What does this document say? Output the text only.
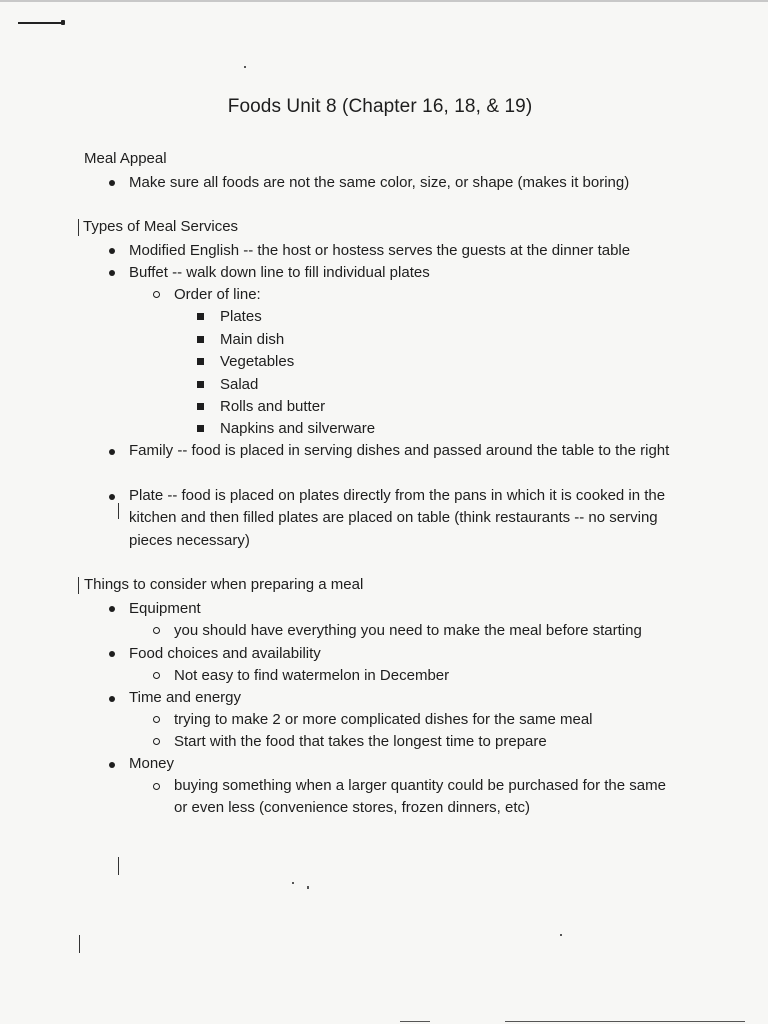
Foods Unit 8 (Chapter 16, 18, & 19)
Meal Appeal
Make sure all foods are not the same color, size, or shape (makes it boring)
Types of Meal Services
Modified English -- the host or hostess serves the guests at the dinner table
Buffet -- walk down line to fill individual plates
Order of line:
Plates
Main dish
Vegetables
Salad
Rolls and butter
Napkins and silverware
Family -- food is placed in serving dishes and passed around the table to the right
Plate -- food is placed on plates directly from the pans in which it is cooked in the kitchen and then filled plates are placed on table (think restaurants -- no serving pieces necessary)
Things to consider when preparing a meal
Equipment
you should have everything you need to make the meal before starting
Food choices and availability
Not easy to find watermelon in December
Time and energy
trying to make 2 or more complicated dishes for the same meal
Start with the food that takes the longest time to prepare
Money
buying something when a larger quantity could be purchased for the same or even less (convenience stores, frozen dinners, etc)
